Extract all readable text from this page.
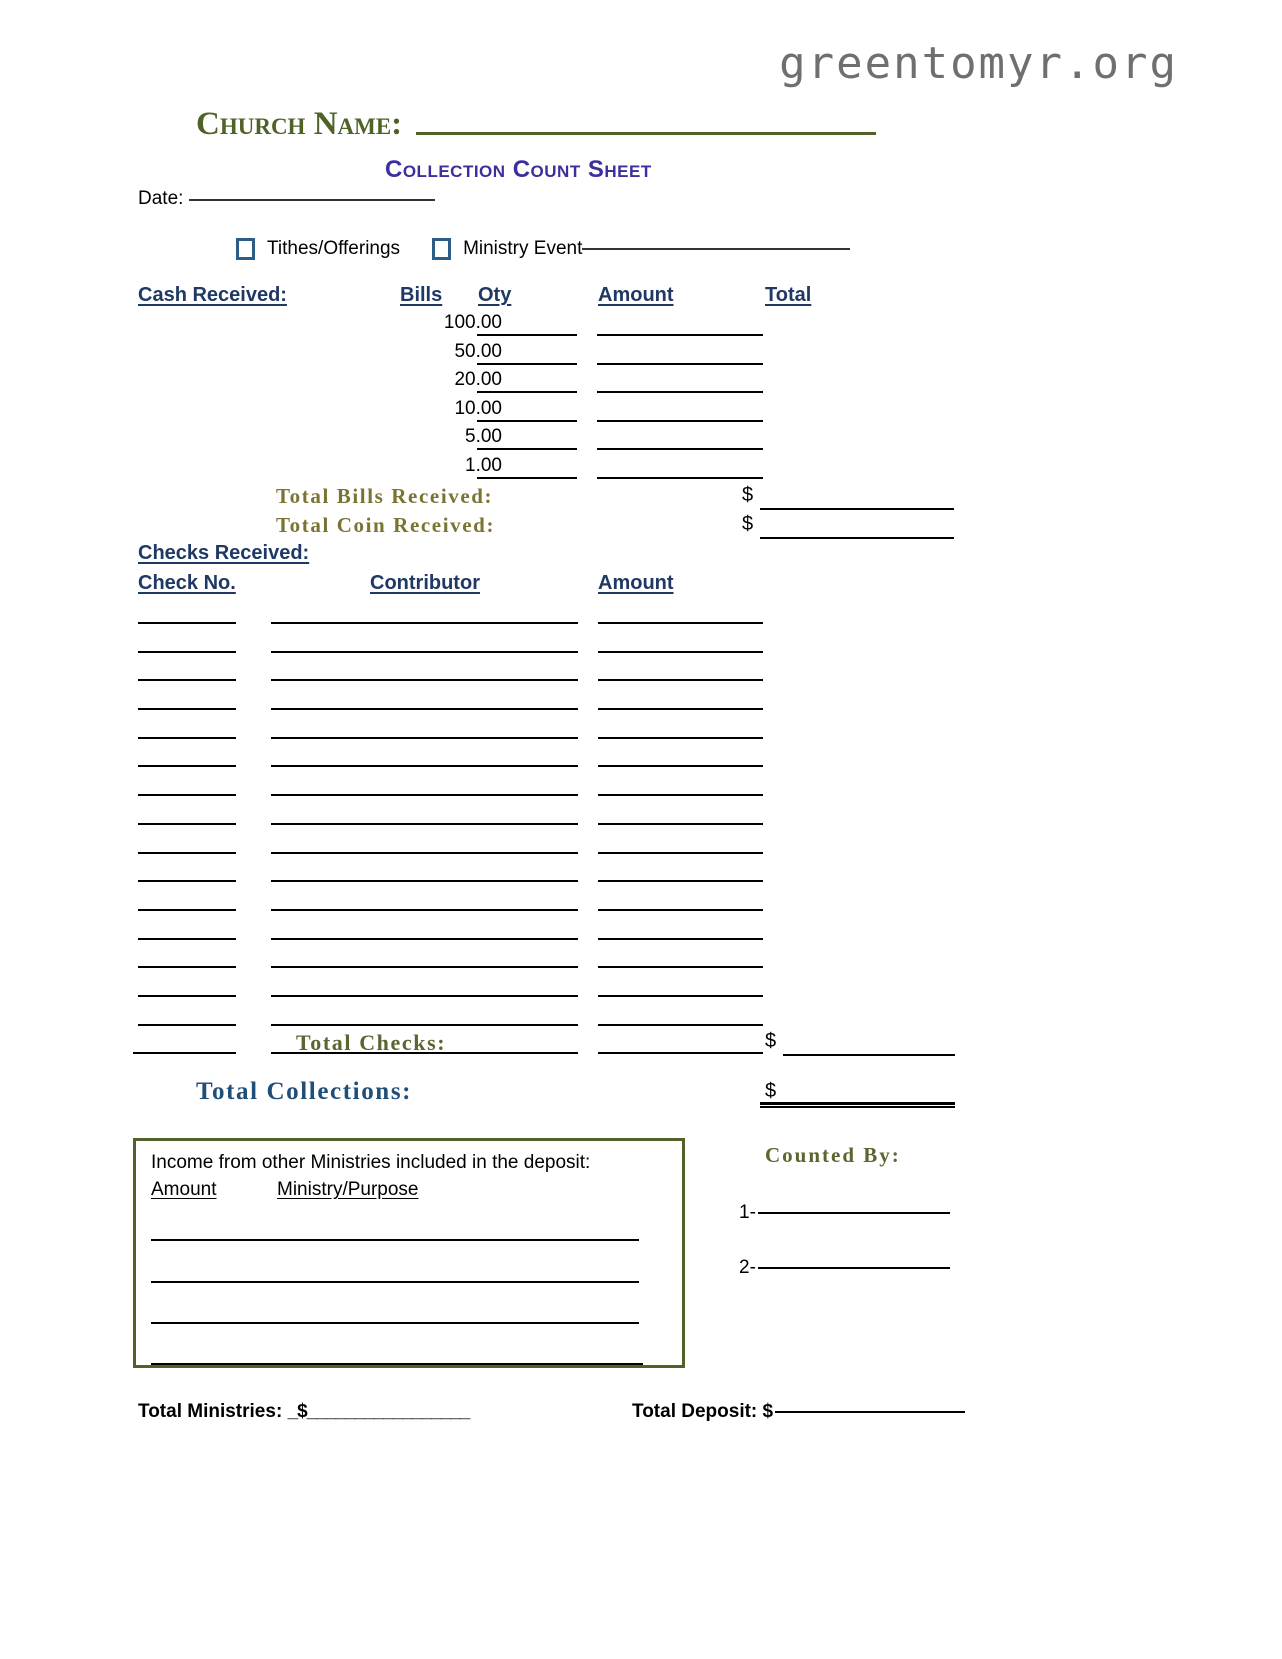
greentomyr.org
Church Name:
Collection Count Sheet
Date:
Tithes/Offerings	Ministry Event
Cash Received:	Bills Oty	Amount	Total
100.00
50.00
20.00
10.00
5.00
1.00
Total Bills Received:	$
Total Coin Received:	$
Checks Received:
Check No.	Contributor	Amount
Total Checks:	$
Total Collections:	$
Income from other Ministries included in the deposit:
Amount	Ministry/Purpose
Counted By:
1-
2-
Total Ministries: _$_________________	Total Deposit: $
